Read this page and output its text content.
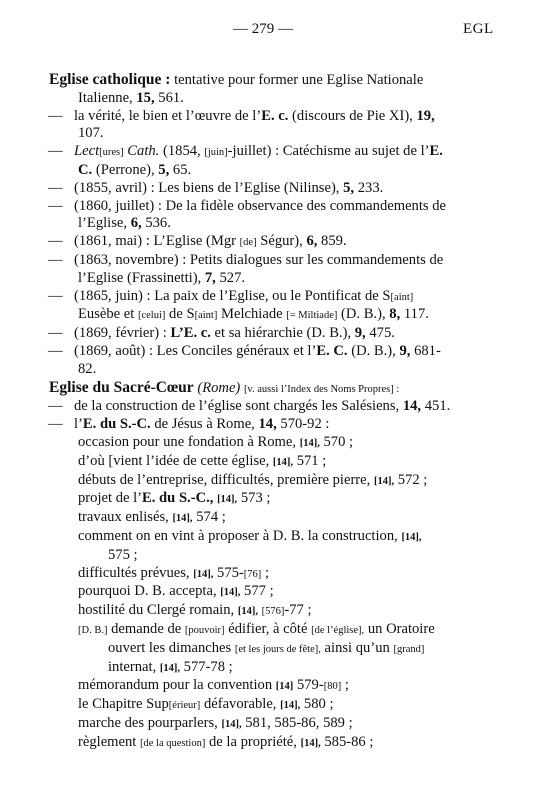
— 279 —	EGL
Eglise catholique : tentative pour former une Eglise Nationale Italienne, 15, 561.
— la vérité, le bien et l’œuvre de l’E. c. (discours de Pie XI), 19, 107.
— Lect[ures] Cath. (1854, [juin]-juillet) : Catéchisme au sujet de l’E. C. (Perrone), 5, 65.
— (1855, avril) : Les biens de l’Eglise (Nilinse), 5, 233.
— (1860, juillet) : De la fidèle observance des commandements de l’Eglise, 6, 536.
— (1861, mai) : L’Eglise (Mgr [de] Ségur), 6, 859.
— (1863, novembre) : Petits dialogues sur les commandements de l’Eglise (Frassinetti), 7, 527.
— (1865, juin) : La paix de l’Eglise, ou le Pontificat de S[aint] Eusèbe et [celui] de S[aint] Melchiade [= Miltiade] (D. B.), 8, 117.
— (1869, février) : L’E. c. et sa hiérarchie (D. B.), 9, 475.
— (1869, août) : Les Conciles généraux et l’E. C. (D. B.), 9, 681-82.
Eglise du Sacré-Cœur (Rome) [v. aussi l’Index des Noms Propres] :
— de la construction de l’église sont chargés les Salésiens, 14, 451.
— l’E. du S.-C. de Jésus à Rome, 14, 570-92 :
occasion pour une fondation à Rome, [14], 570 ;
d’où [vient l’idée de cette église, [14], 571 ;
débuts de l’entreprise, difficultés, première pierre, [14], 572 ;
projet de l’E. du S.-C., [14], 573 ;
travaux enlisés, [14], 574 ;
comment on en vint à proposer à D. B. la construction, [14], 575 ;
difficultés prévues, [14], 575-[76] ;
pourquoi D. B. accepta, [14], 577 ;
hostilité du Clergé romain, [14], [576]-77 ;
[D. B.] demande de [pouvoir] édifier, à côté [de l’église], un Oratoire ouvert les dimanches [et les jours de fête], ainsi qu’un [grand] internat, [14], 577-78 ;
mémorandum pour la convention [14] 579-[80] ;
le Chapitre Sup[érieur] défavorable, [14], 580 ;
marche des pourparlers, [14], 581, 585-86, 589 ;
règlement [de la question] de la propriété, [14], 585-86 ;
